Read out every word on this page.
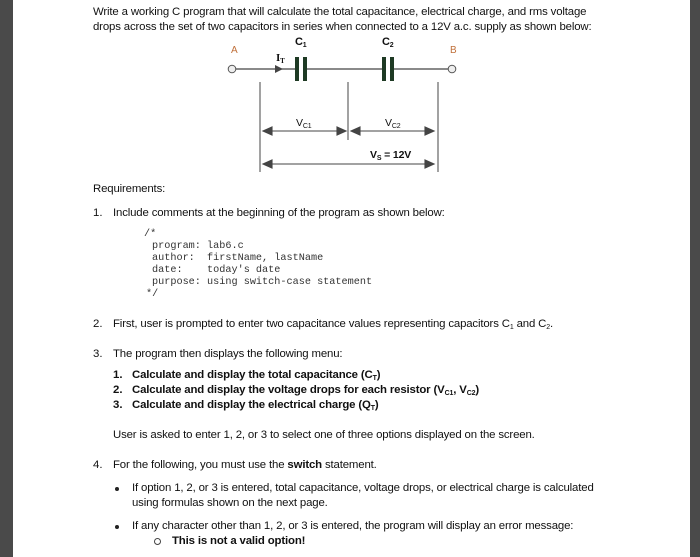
Write a working C program that will calculate the total capacitance, electrical charge, and rms voltage
drops across the set of two capacitors in series when connected to a 12V a.c. supply as shown below:
A	B
$I_T$
$C_1$	$C_2$
$V_{C1}$	$V_{C2}$
$V_S = 12V$
Requirements:
1. Include comments at the beginning of the program as shown below:
/*
program: lab6.c
author:  firstName, lastName
date:    today's date
purpose: using switch-case statement
*/
2. First, user is prompted to enter two capacitance values representing capacitors $C_1$ and $C_2$.
3. The program then displays the following menu:
1. Calculate and display the total capacitance $(C_T)$
2. Calculate and display the voltage drops for each resistor ($V_{C1}$, $V_{C2}$)
3. Calculate and display the electrical charge $(Q_T)$
User is asked to enter 1, 2, or 3 to select one of three options displayed on the screen.
4. For the following, you must use the switch statement.
If option 1, 2, or 3 is entered, total capacitance, voltage drops, or electrical charge is calculated
using formulas shown on the next page.
If any character other than 1, 2, or 3 is entered, the program will display an error message:
This is not a valid option!
